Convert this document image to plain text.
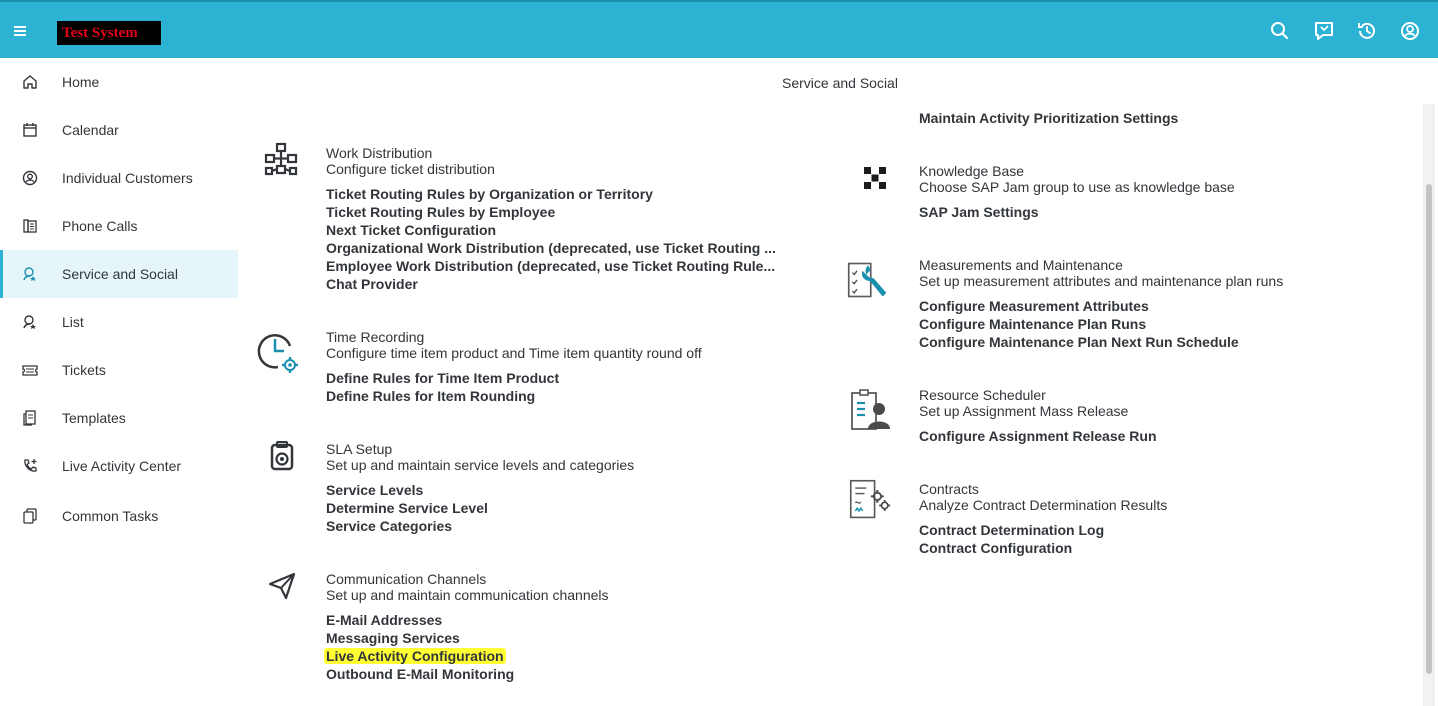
Test System
Home
Calendar
Individual Customers
Phone Calls
Service and Social
List
Tickets
Templates
Live Activity Center
Common Tasks
Service and Social
Work Distribution
Configure ticket distribution
Ticket Routing Rules by Organization or Territory
Ticket Routing Rules by Employee
Next Ticket Configuration
Organizational Work Distribution (deprecated, use Ticket Routing ...
Employee Work Distribution (deprecated, use Ticket Routing Rule...
Chat Provider
Time Recording
Configure time item product and Time item quantity round off
Define Rules for Time Item Product
Define Rules for Item Rounding
SLA Setup
Set up and maintain service levels and categories
Service Levels
Determine Service Level
Service Categories
Communication Channels
Set up and maintain communication channels
E-Mail Addresses
Messaging Services
Live Activity Configuration
Outbound E-Mail Monitoring
Maintain Activity Prioritization Settings
Knowledge Base
Choose SAP Jam group to use as knowledge base
SAP Jam Settings
Measurements and Maintenance
Set up measurement attributes and maintenance plan runs
Configure Measurement Attributes
Configure Maintenance Plan Runs
Configure Maintenance Plan Next Run Schedule
Resource Scheduler
Set up Assignment Mass Release
Configure Assignment Release Run
Contracts
Analyze Contract Determination Results
Contract Determination Log
Contract Configuration
